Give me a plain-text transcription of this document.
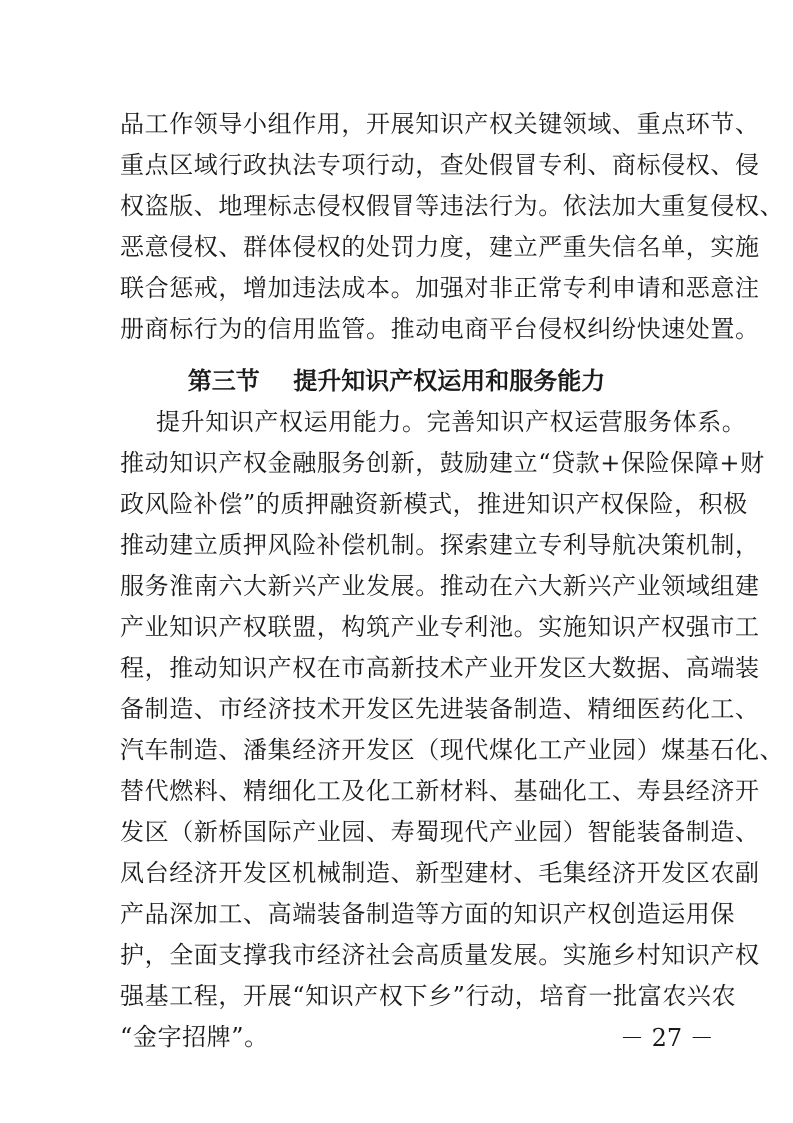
品工作领导小组作用，开展知识产权关键领域、重点环节、
重点区域行政执法专项行动，查处假冒专利、商标侵权、侵
权盗版、地理标志侵权假冒等违法行为。依法加大重复侵权、
恶意侵权、群体侵权的处罚力度，建立严重失信名单，实施
联合惩戒，增加违法成本。加强对非正常专利申请和恶意注
册商标行为的信用监管。推动电商平台侵权纠纷快速处置。
第三节    提升知识产权运用和服务能力
提升知识产权运用能力。完善知识产权运营服务体系。
推动知识产权金融服务创新，鼓励建立“贷款+保险保障+财
政风险补偿”的质押融资新模式，推进知识产权保险，积极
推动建立质押风险补偿机制。探索建立专利导航决策机制，
服务淮南六大新兴产业发展。推动在六大新兴产业领域组建
产业知识产权联盟，构筑产业专利池。实施知识产权强市工
程，推动知识产权在市高新技术产业开发区大数据、高端装
备制造、市经济技术开发区先进装备制造、精细医药化工、
汽车制造、潘集经济开发区（现代煤化工产业园）煤基石化、
替代燃料、精细化工及化工新材料、基础化工、寿县经济开
发区（新桥国际产业园、寿蜀现代产业园）智能装备制造、
凤台经济开发区机械制造、新型建材、毛集经济开发区农副
产品深加工、高端装备制造等方面的知识产权创造运用保
护，全面支撑我市经济社会高质量发展。实施乡村知识产权
强基工程，开展“知识产权下乡”行动，培育一批富农兴农
“金字招牌”。	－ 27 －
